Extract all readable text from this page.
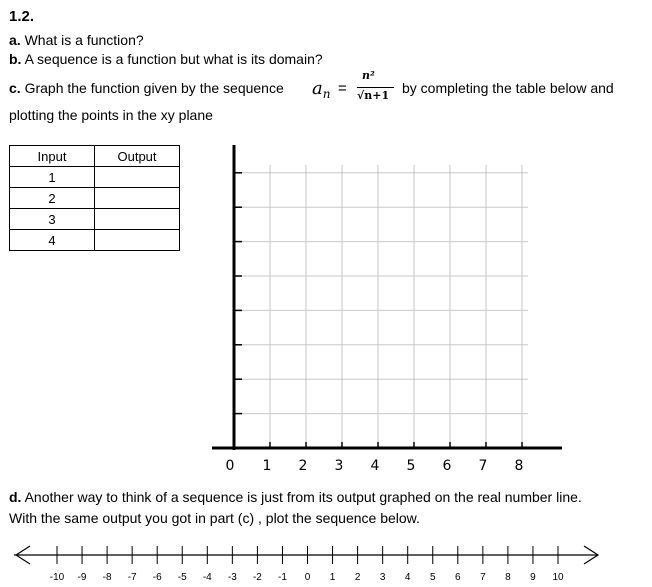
1.2.
a. What is a function?
b. A sequence is a function but what is its domain?
c. Graph the function given by the sequence $a_n$ =
n²
√n+1 by completing the table below and
plotting the points in the xy plane
Input	Output
1	
2	
3	
4	
0 1 2 3 4 5 6 7 8
d. Another way to think of a sequence is just from its output graphed on the real number line.
With the same output you got in part (c) , plot the sequence below.
-10 -9 -8 -7 -6 -5 -4 -3 -2 -1 0 1 2 3 4 5 6 7 8 9 10
